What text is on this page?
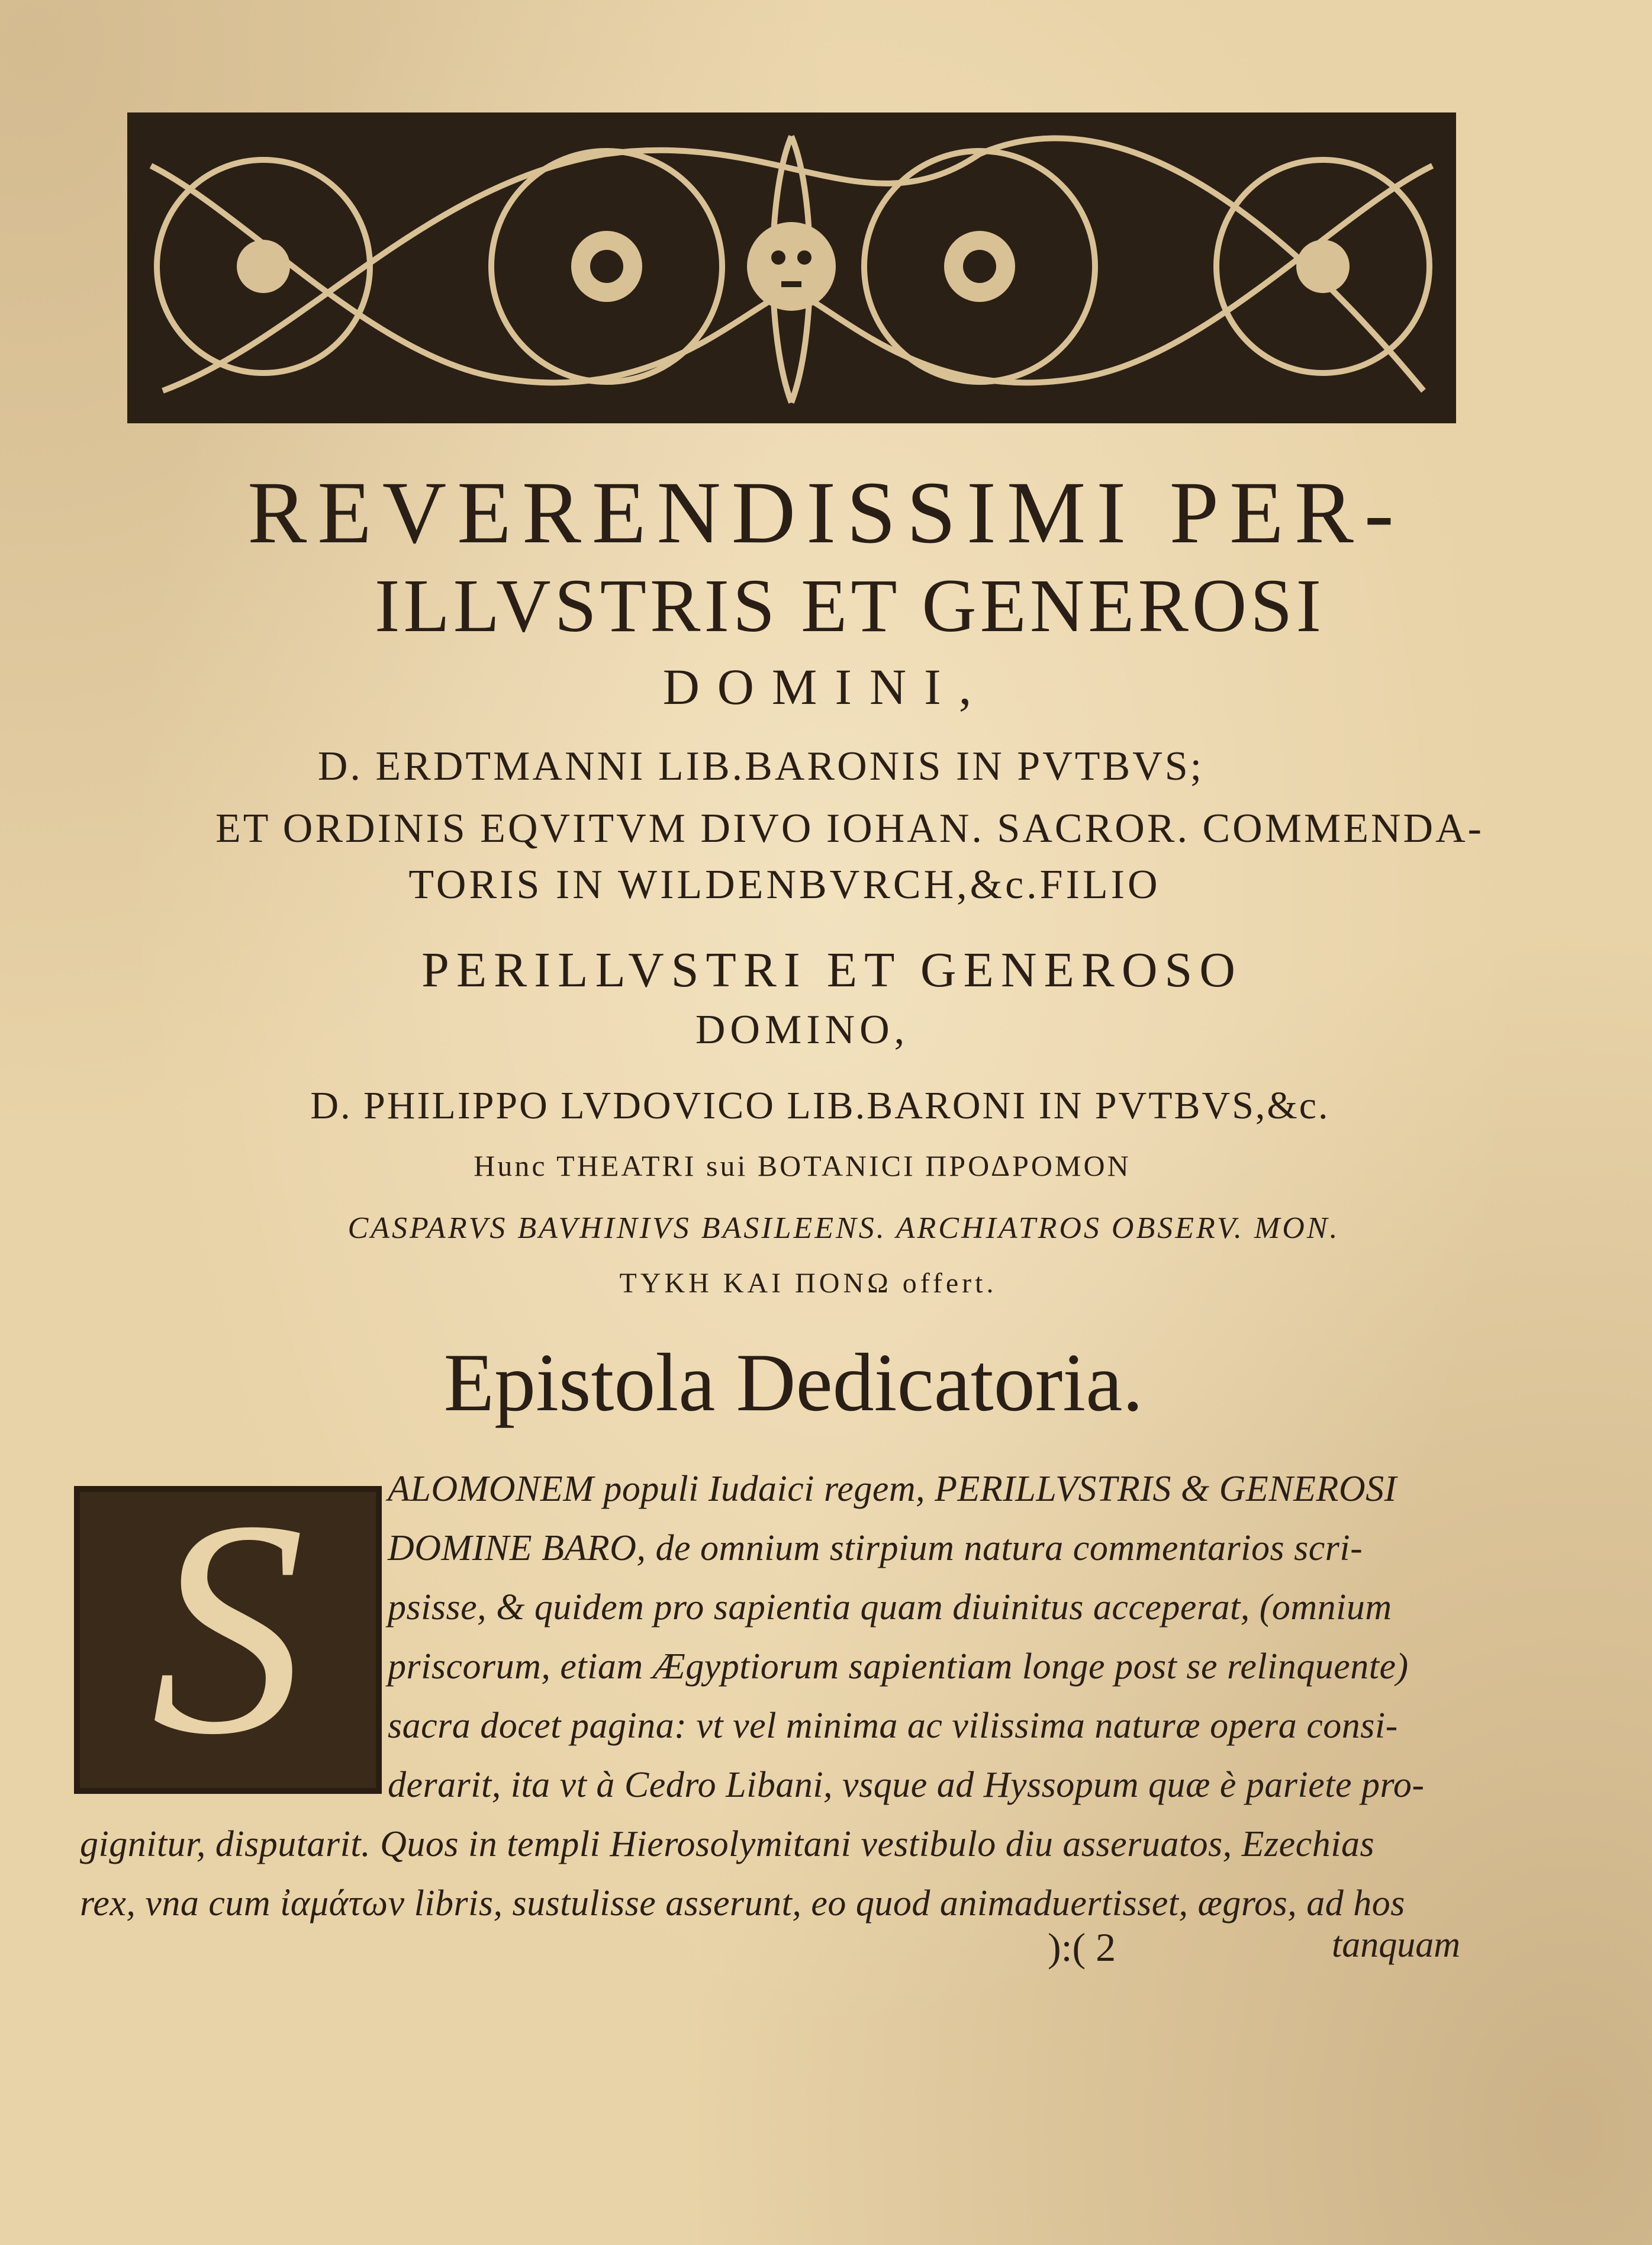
REVERENDISSIMI PER-
ILLVSTRIS ET GENEROSI
DOMINI,
D. ERDTMANNI LIB.BARONIS IN PVTBVS;
ET ORDINIS EQVITVM DIVO IOHAN. SACROR. COMMENDA-
TORIS IN WILDENBVRCH,&c.FILIO
PERILLVSTRI ET GENEROSO
DOMINO,
D. PHILIPPO LVDOVICO LIB.BARONI IN PVTBVS,&c.
Hunc THEATRI sui BOTANICI ΠΡΟΔΡΟΜΟΝ
CASPARVS BAVHINIVS BASILEENS. ARCHIATROS OBSERV. MON.
ΤΥΚΗ ΚΑΙ ΠΟΝΩ offert.
Epistola Dedicatoria.
S	ALOMONEM populi Iudaici regem, PERILLVSTRIS & GENEROSI
DOMINE BARO, de omnium stirpium natura commentarios scri-
psisse, & quidem pro sapientia quam diuinitus acceperat, (omnium
priscorum, etiam Ægyptiorum sapientiam longe post se relinquente)
sacra docet pagina: vt vel minima ac vilissima naturæ opera consi-
derarit, ita vt à Cedro Libani, vsque ad Hyssopum quæ è pariete pro-
gignitur, disputarit. Quos in templi Hierosolymitani vestibulo diu asseruatos, Ezechias
rex, vna cum ἰαμάτων libris, sustulisse asserunt, eo quod animaduertisset, ægros, ad hos
):( 2	tanquam
